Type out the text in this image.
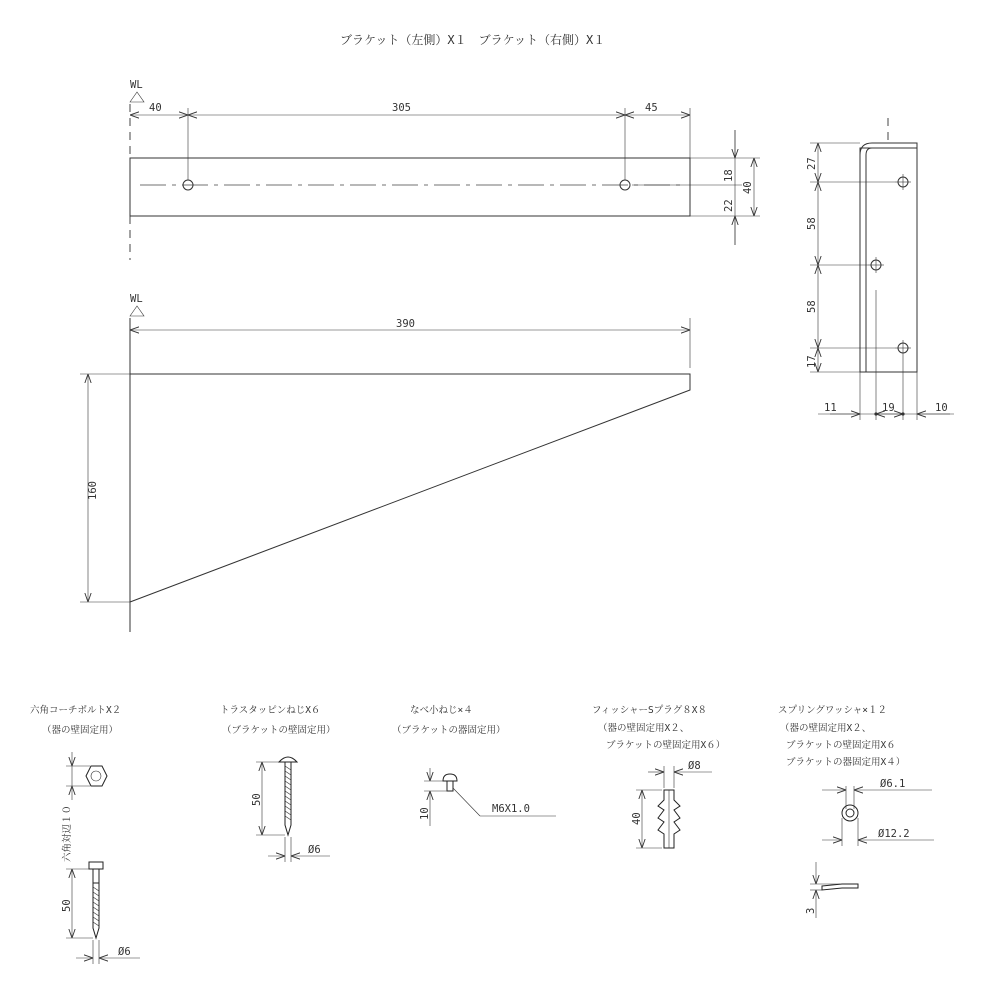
ブラケット（左側）X１　ブラケット（右側）X１
WL
40	305	45
18
22
40
WL
390
160
27
58
58
17
11	19	10
六角コーチボルトX２
（器の壁固定用）
六角対辺１０
50
Ø6
トラスタッピンねじX６
（ブラケットの壁固定用）
50
Ø6
なべ小ねじ×４
（ブラケットの器固定用）
10	M6X1.0
フィッシャーSプラグ８X８
（器の壁固定用X２、
ブラケットの壁固定用X６）
Ø8
40
スプリングワッシャ×１２
（器の壁固定用X２、
ブラケットの壁固定用X６
ブラケットの器固定用X４）
Ø6.1
Ø12.2
3
